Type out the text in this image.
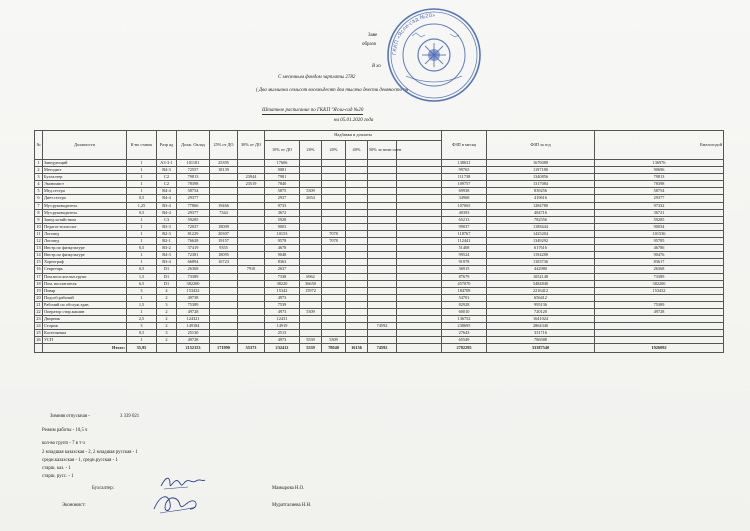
Заве
образо
В хо
С месячным фондом зарплаты 2782
( Два миллиона семьсот восемьдесят два тысяча двести девяносто пя
Штатное расписание по ГККП "Ясли-сад №20
на 05.01.2020 года
ГККП «Ясли-сад №20»
№	Должности	К-во ставок	Разр яд	Долж. Оклад	25% от ДО	30% от ДО	Надбавки и доплаты						ФЗП в месяц	ФЗП за год	Ежелогодой
							10% от ДО	20%	20%	40%	50% за ночн смен				
1	Заведующий	1	A3-3-1	101181	25395		17606						138631	1676088	136976
2	Методист	1	B4-3	72557	18139		9081						99765	1197180	90696
3	Бухгалтер	1	C2	79813		23944	7981						111738	1340856	79813
4	Экономист	1	C2	78398		23519	7840						109757	1317084	78398
5	Мед.сестра	1	B4-4	58754			5875	5309					69938	839256	58754
6	Диет.сестра	0,5	B4-4	29377			2937	2654					34968	419616	29377
7	Муз.руководитель	1,25	B3-4	77866	19466		9733						107065	1284780	97332
8	Муз.руководитель	0,5	B4-4	29377	7344		3672						40393	484716	36721
9	Завед.хозяйством	1	C3	59285			5928						65213	782556	59285
10	Педагог-психолог	1	B3-3	72037	18009		9003						99037	1188444	90034
11	Логопед	1	B2-3	81229	20307		10153		7078				118767	1425204	101536
12	Логопед	1	B2-1	76628	19157		9578		7078				112441	1349292	95785
13	Инстр.по физкультуре	0,5	B3-2	37419	9355		4678						51468	617616	46786
14	Инстр.по физкультуре	1	B4-3	72381	18095		9048						99524	1194288	90476
15	Хореограф	1	B3-4	66894	16723		8363						91978	1103736	83617
16	Секретарь	0,5	D1	26368		7910	2637						36915	442980	26368
17	Пом.восп.ясельн.групп	1,5	D1	73389			7338	6962					87679	1052148	73389
18	Пом. воспитателя	6,5	D1	382200			38220	36650					457070	5484840	382200
19	Повар	3	4	153432			15342	15972					184708	2216412	153432
20	Подсоб.рабочий	1	2	49738			4973						54701	656412	
21	Рабочий по обслуж.здан.	1,5	3	75389			7539						82928	995136	75389
22	Оператор стир.машин	1	2	49728			4973	5309					60010	720120	49728
23	Дворник	2,5	2	124321			12431						136752	1641024	
24	Сторож	3	2	149184			14919				74592		238695	2864340	
25	Кастелянша	0,5	3	25130			2513						27643	331716	
26	УСП	1	2	49728			4973	5539	5309				65549	786588	
	Итого:	35,95		2152153	171990	55373	232412	5539	78040	16156	74592		2782295	33387540	1926092
Зимняя отпускная -	3 339 021
Режим работы - 10,5 ч
кол-во групп - 7 в т ч
2 младшая казахская - 2, 2 младшая русская - 1
средн.казахская - 1, средн.русская - 1
старш. каз. - 1
старш. русс. - 1
Бухгалтер:	Мамырова Н.О.
Экономист:	Муратгалиева Н.Н.
